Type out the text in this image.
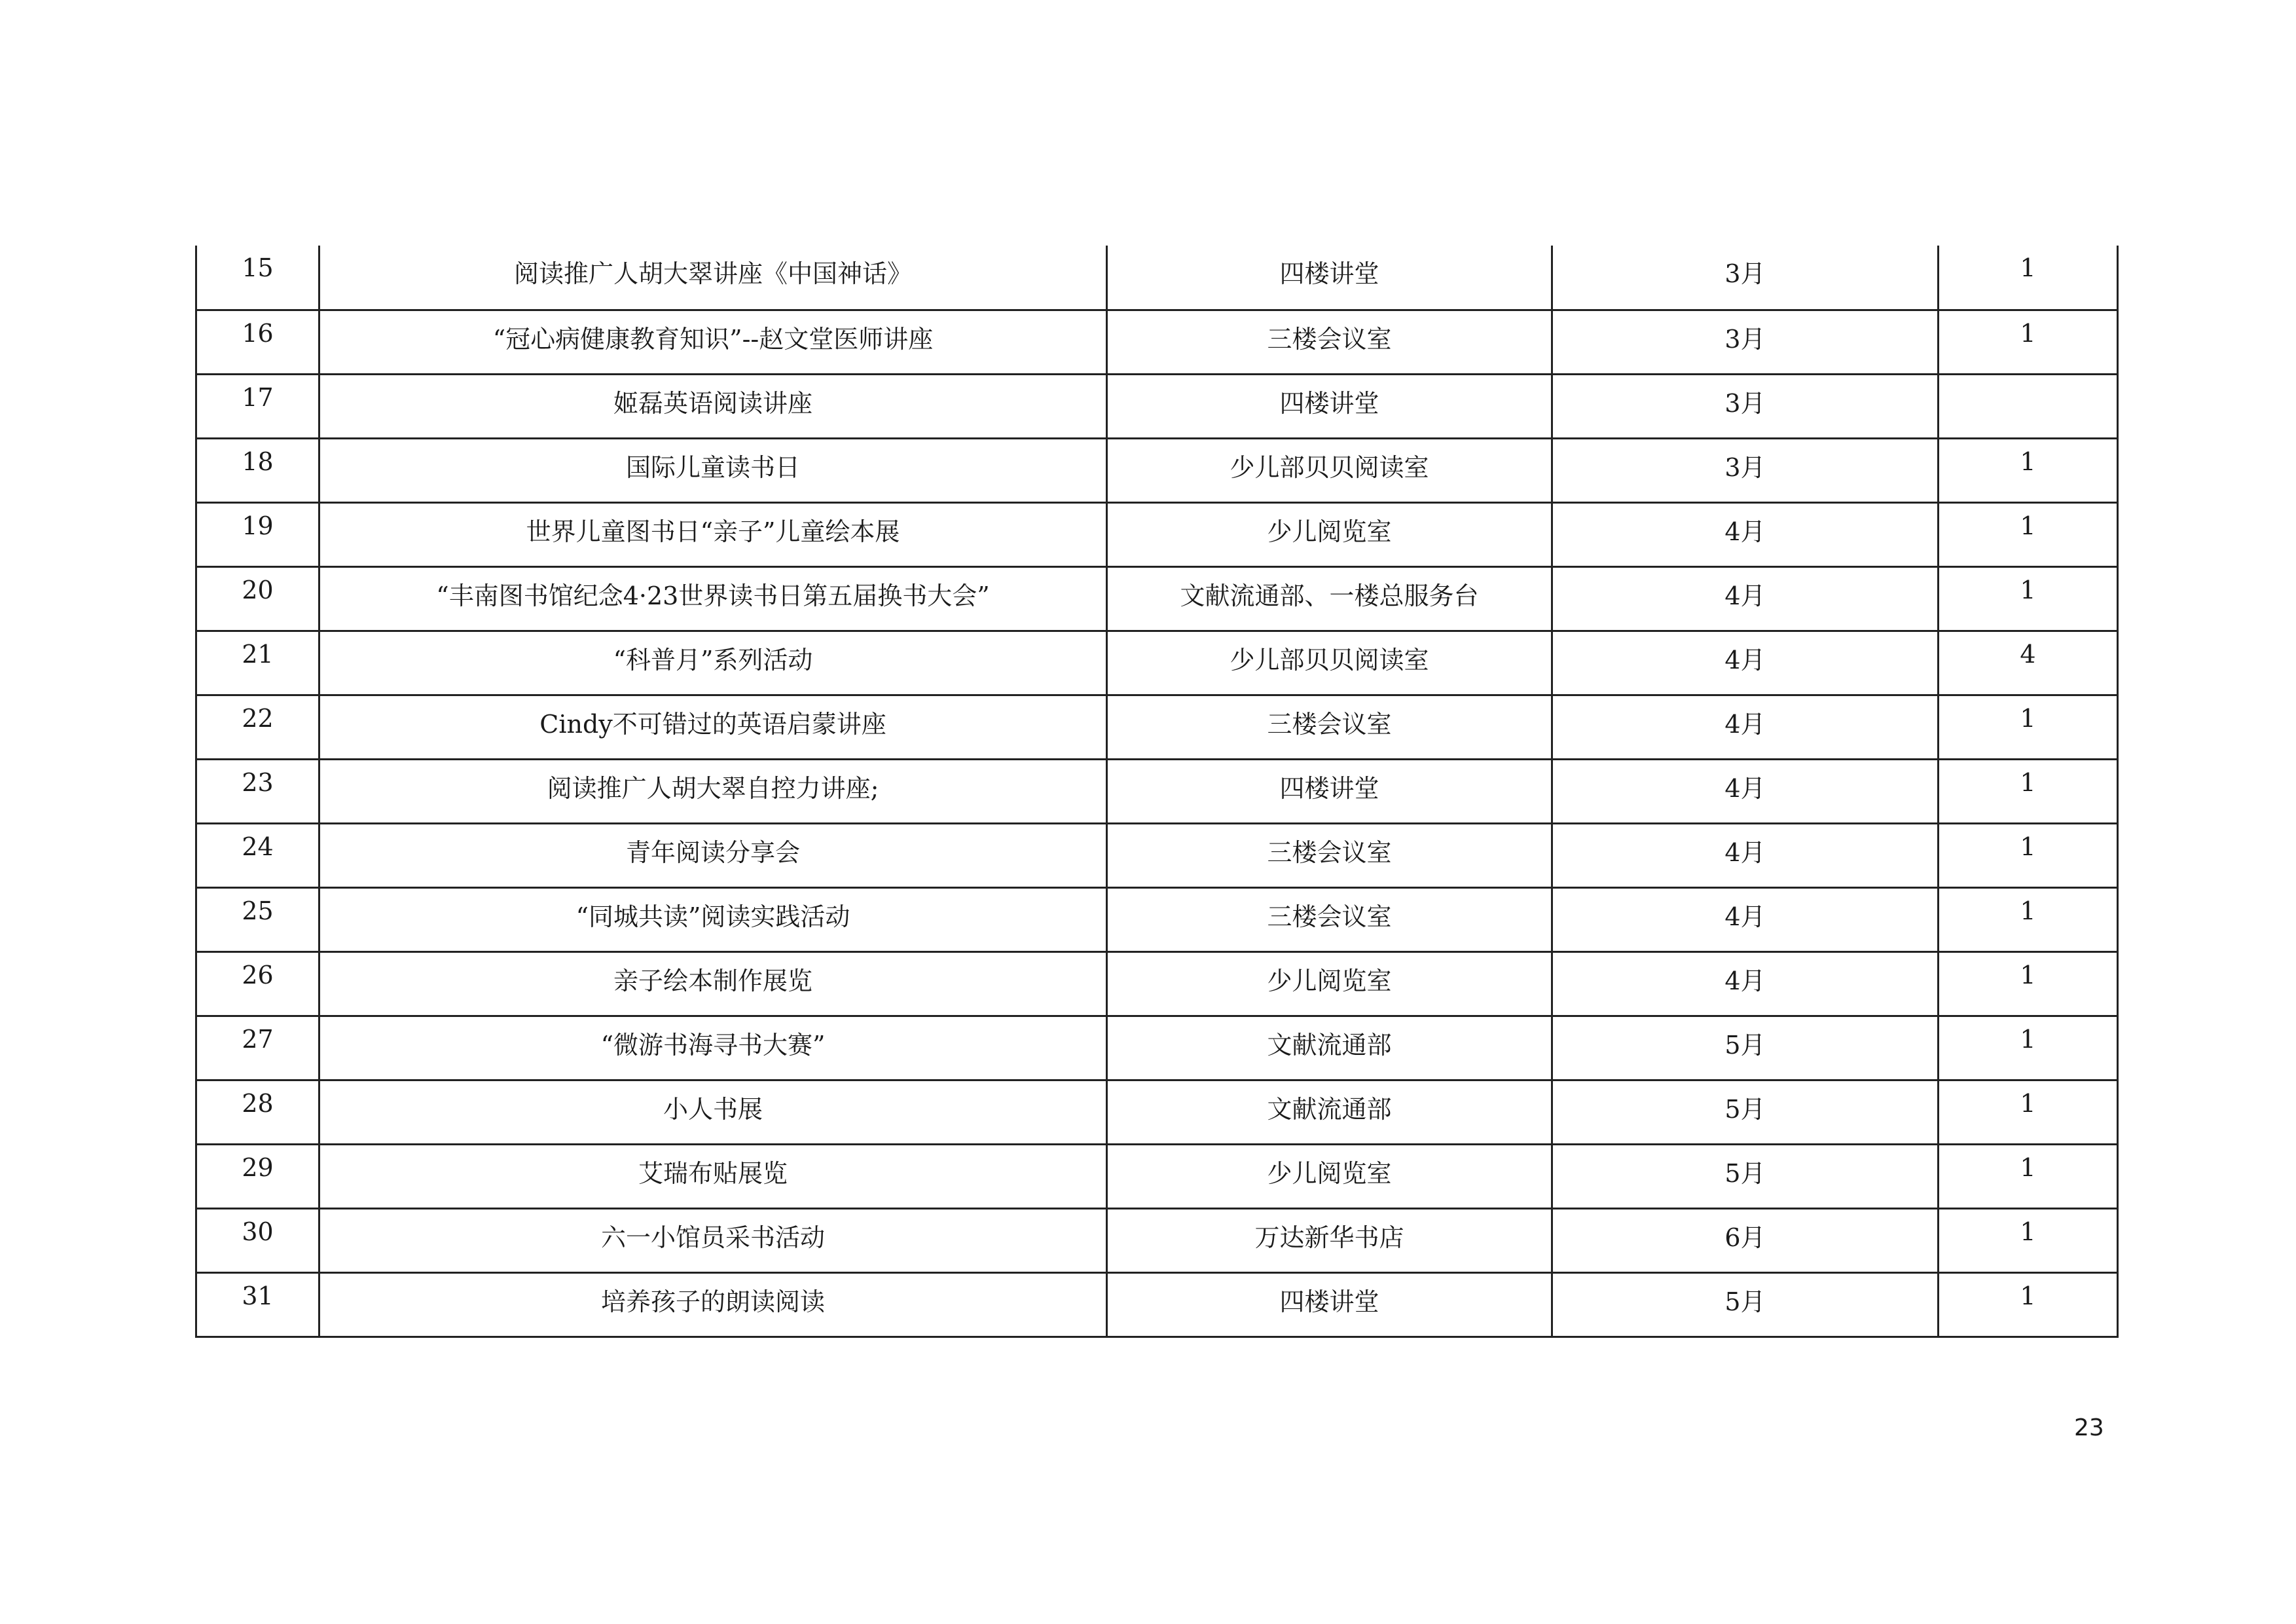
15	阅读推广人胡大翠讲座《中国神话》	四楼讲堂	3月	1
16	“冠心病健康教育知识”--赵文堂医师讲座	三楼会议室	3月	1
17	姬磊英语阅读讲座	四楼讲堂	3月	
18	国际儿童读书日	少儿部贝贝阅读室	3月	1
19	世界儿童图书日“亲子”儿童绘本展	少儿阅览室	4月	1
20	“丰南图书馆纪念4·23世界读书日第五届换书大会”	文献流通部、一楼总服务台	4月	1
21	“科普月”系列活动	少儿部贝贝阅读室	4月	4
22	Cindy不可错过的英语启蒙讲座	三楼会议室	4月	1
23	阅读推广人胡大翠自控力讲座;	四楼讲堂	4月	1
24	青年阅读分享会	三楼会议室	4月	1
25	“同城共读”阅读实践活动	三楼会议室	4月	1
26	亲子绘本制作展览	少儿阅览室	4月	1
27	“微游书海寻书大赛”	文献流通部	5月	1
28	小人书展	文献流通部	5月	1
29	艾瑞布贴展览	少儿阅览室	5月	1
30	六一小馆员采书活动	万达新华书店	6月	1
31	培养孩子的朗读阅读	四楼讲堂	5月	1
23
